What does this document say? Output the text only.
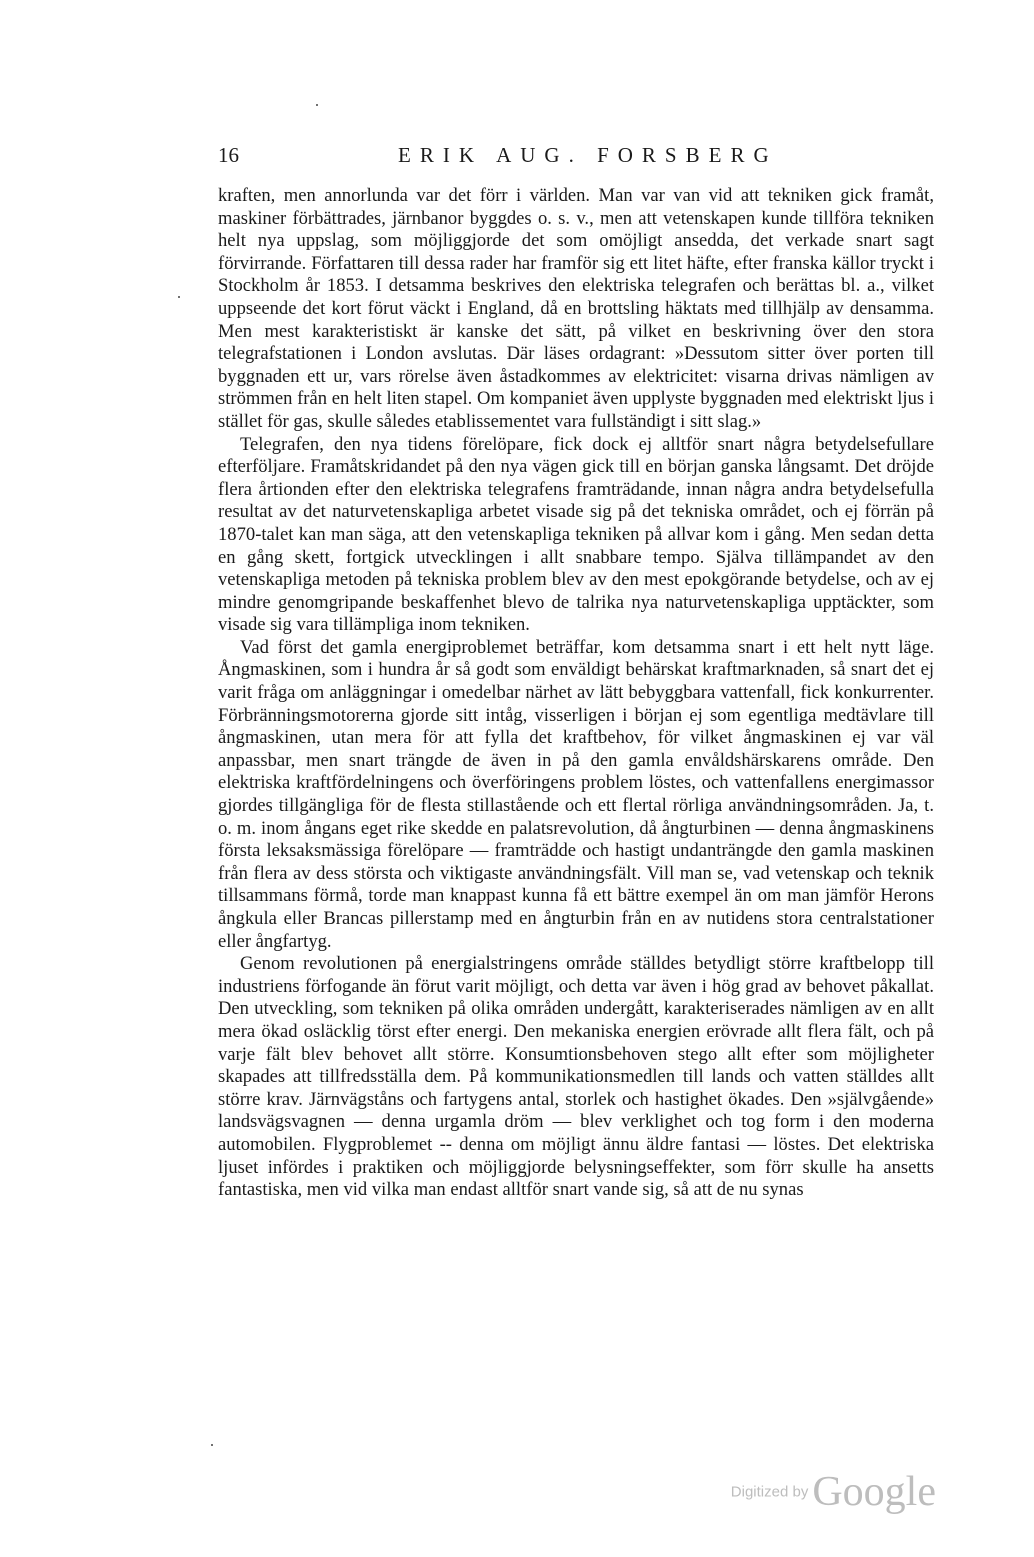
16	ERIK AUG. FORSBERG

kraften, men annorlunda var det förr i världen. Man var van vid att tekniken gick framåt, maskiner förbättrades, järnbanor byggdes o. s. v., men att vetenskapen kunde tillföra tekniken helt nya uppslag, som möjliggjorde det som omöjligt ansedda, det verkade snart sagt förvirrande. Författaren till dessa rader har framför sig ett litet häfte, efter franska källor tryckt i Stockholm år 1853. I detsamma beskrives den elektriska telegrafen och berättas bl. a., vilket uppseende det kort förut väckt i England, då en brottsling häktats med tillhjälp av densamma. Men mest karakteristiskt är kanske det sätt, på vilket en beskrivning över den stora telegrafstationen i London avslutas. Där läses ordagrant: »Dessutom sitter över porten till byggnaden ett ur, vars rörelse även åstadkommes av elektricitet: visarna drivas nämligen av strömmen från en helt liten stapel. Om kompaniet även upplyste byggnaden med elektriskt ljus i stället för gas, skulle således etablissementet vara fullständigt i sitt slag.»

Telegrafen, den nya tidens förelöpare, fick dock ej alltför snart några betydelsefullare efterföljare. Framåtskridandet på den nya vägen gick till en början ganska långsamt. Det dröjde flera årtionden efter den elektriska telegrafens framträdande, innan några andra betydelsefulla resultat av det naturvetenskapliga arbetet visade sig på det tekniska området, och ej förrän på 1870-talet kan man säga, att den vetenskapliga tekniken på allvar kom i gång. Men sedan detta en gång skett, fortgick utvecklingen i allt snabbare tempo. Själva tillämpandet av den vetenskapliga metoden på tekniska problem blev av den mest epokgörande betydelse, och av ej mindre genomgripande beskaffenhet blevo de talrika nya naturvetenskapliga upptäckter, som visade sig vara tillämpliga inom tekniken.

Vad först det gamla energiproblemet beträffar, kom detsamma snart i ett helt nytt läge. Ångmaskinen, som i hundra år så godt som enväldigt behärskat kraftmarknaden, så snart det ej varit fråga om anläggningar i omedelbar närhet av lätt bebyggbara vattenfall, fick konkurrenter. Förbränningsmotorerna gjorde sitt intåg, visserligen i början ej som egentliga medtävlare till ångmaskinen, utan mera för att fylla det kraftbehov, för vilket ångmaskinen ej var väl anpassbar, men snart trängde de även in på den gamla envåldshärskarens område. Den elektriska kraftfördelningens och överföringens problem löstes, och vattenfallens energimassor gjordes tillgängliga för de flesta stillastående och ett flertal rörliga användningsområden. Ja, t. o. m. inom ångans eget rike skedde en palatsrevolution, då ångturbinen — denna ångmaskinens första leksaksmässiga förelöpare — framträdde och hastigt undanträngde den gamla maskinen från flera av dess största och viktigaste användningsfält. Vill man se, vad vetenskap och teknik tillsammans förmå, torde man knappast kunna få ett bättre exempel än om man jämför Herons ångkula eller Brancas pillerstamp med en ångturbin från en av nutidens stora centralstationer eller ångfartyg.

Genom revolutionen på energialstringens område ställdes betydligt större kraftbelopp till industriens förfogande än förut varit möjligt, och detta var även i hög grad av behovet påkallat. Den utveckling, som tekniken på olika områden undergått, karakteriserades nämligen av en allt mera ökad osläcklig törst efter energi. Den mekaniska energien erövrade allt flera fält, och på varje fält blev behovet allt större. Konsumtionsbehoven stego allt efter som möjligheter skapades att tillfredsställa dem. På kommunikationsmedlen till lands och vatten ställdes allt större krav. Järnvägståns och fartygens antal, storlek och hastighet ökades. Den »självgående» landsvägsvagnen — denna urgamla dröm — blev verklighet och tog form i den moderna automobilen. Flygproblemet -- denna om möjligt ännu äldre fantasi — löstes. Det elektriska ljuset infördes i praktiken och möjliggjorde belysningseffekter, som förr skulle ha ansetts fantastiska, men vid vilka man endast alltför snart vande sig, så att de nu synas

Digitized by Google
